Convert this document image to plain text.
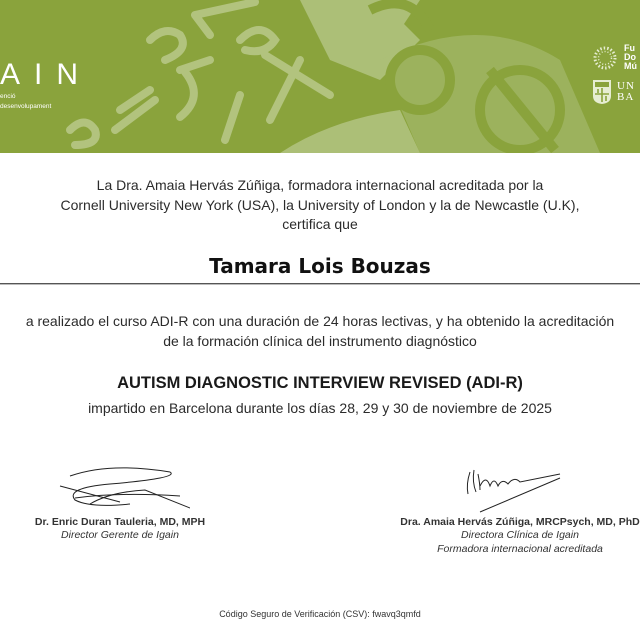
AIN
enció
desenvolupament
Fu
Do
Mú
UN
BA
La Dra. Amaia Hervás Zúñiga, formadora internacional acreditada por la
Cornell University New York (USA), la University of London y la de Newcastle (U.K),
certifica que
Tamara Lois Bouzas
a realizado el curso ADI-R con una duración de 24 horas lectivas, y ha obtenido la acreditación
de la formación clínica del instrumento diagnóstico
AUTISM DIAGNOSTIC INTERVIEW REVISED (ADI-R)
impartido en Barcelona durante los días 28, 29 y 30 de noviembre de 2025
Dr. Enric Duran Tauleria, MD, MPH
Director Gerente de Igain
Dra. Amaia Hervás Zúñiga, MRCPsych, MD, PhD
Directora Clínica de Igain
Formadora internacional acreditada
Código Seguro de Verificación (CSV): fwavq3qmfd
